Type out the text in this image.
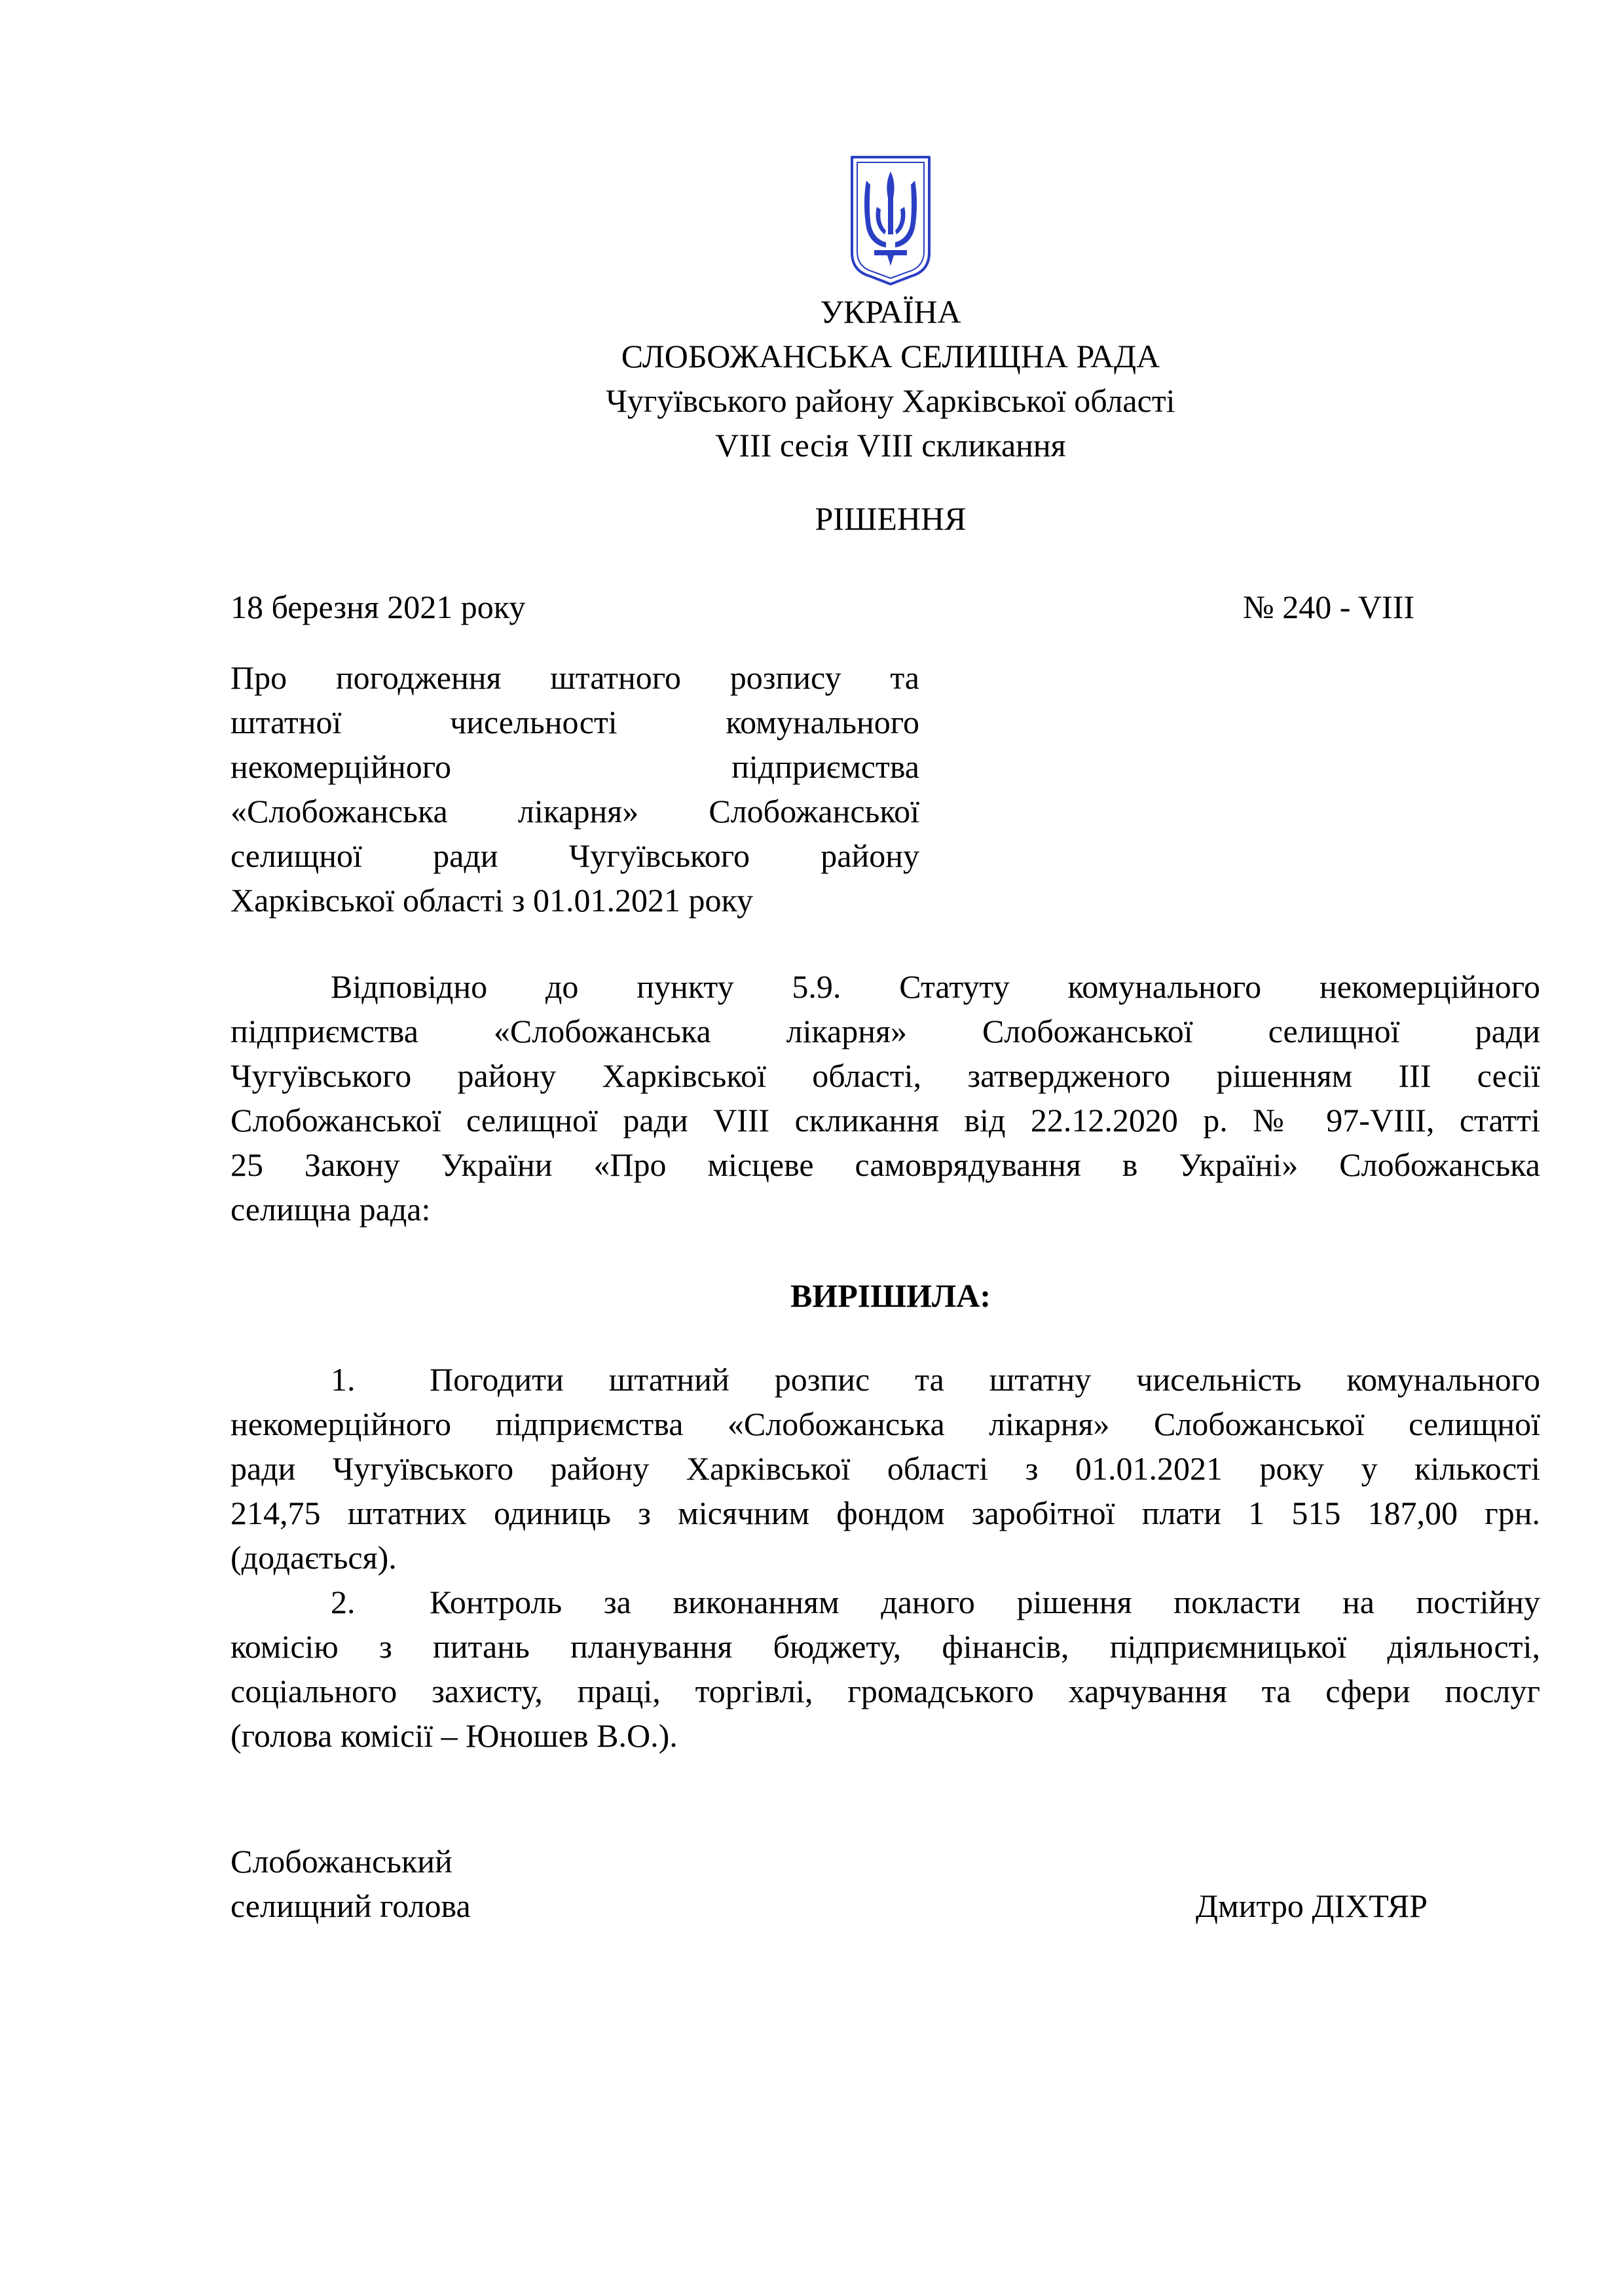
УКРАЇНА
СЛОБОЖАНСЬКА СЕЛИЩНА РАДА
Чугуївського району Харківської області
VIII сесія VIII скликання
РІШЕННЯ
18 березня 2021 року	№ 240 - VIII
Про погодження штатного розпису та
штатної чисельності комунального
некомерційного підприємства
«Слобожанська лікарня» Слобожанської
селищної ради Чугуївського району
Харківської області з 01.01.2021 року
Відповідно до пункту 5.9. Статуту комунального некомерційного
підприємства «Слобожанська лікарня» Слобожанської селищної ради
Чугуївського району Харківської області, затвердженого рішенням ІІІ сесії
Слобожанської селищної ради VIII скликання від 22.12.2020 р. № 97-VIII, статті
25 Закону України «Про місцеве самоврядування в Україні» Слобожанська
селищна рада:
ВИРІШИЛА:
1. Погодити штатний розпис та штатну чисельність комунального
некомерційного підприємства «Слобожанська лікарня» Слобожанської селищної
ради Чугуївського району Харківської області з 01.01.2021 року у кількості
214,75 штатних одиниць з місячним фондом заробітної плати 1 515 187,00 грн.
(додається).
2. Контроль за виконанням даного рішення покласти на постійну
комісію з питань планування бюджету, фінансів, підприємницької діяльності,
соціального захисту, праці, торгівлі, громадського харчування та сфери послуг
(голова комісії – Юношев В.О.).
Слобожанський
селищний голова	Дмитро ДІХТЯР
